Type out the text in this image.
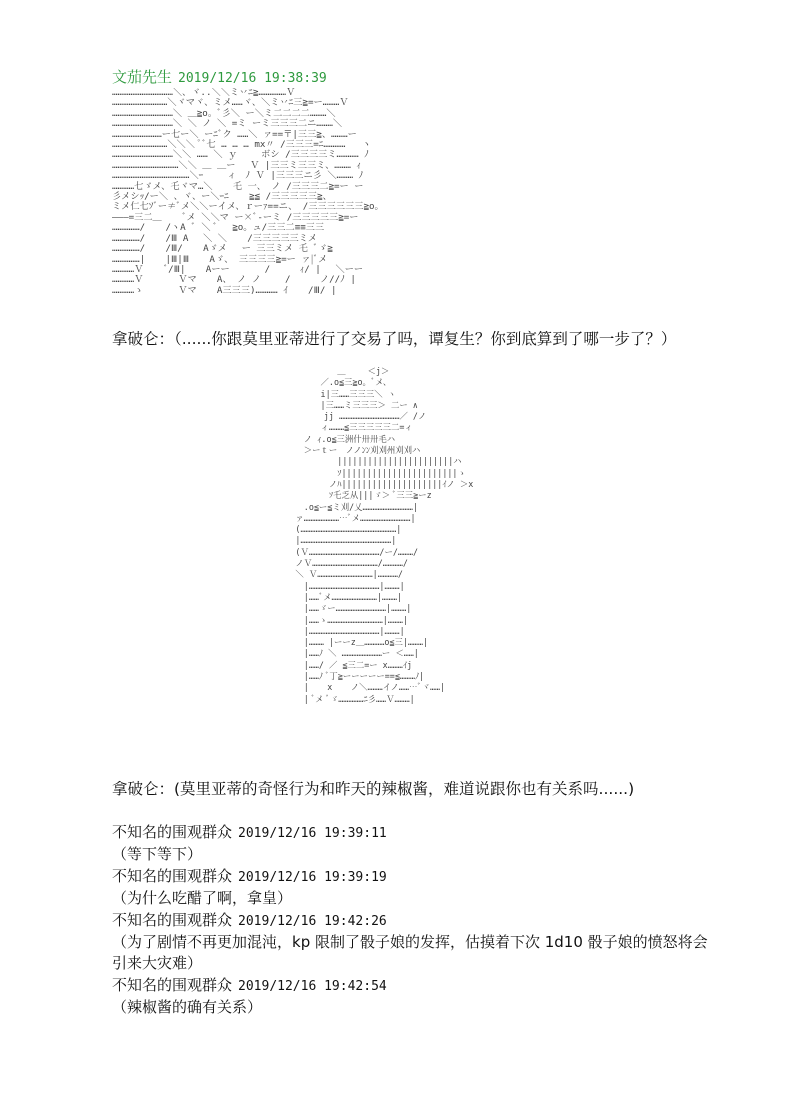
文茄先生 2019/12/16 19:38:39
……………………………＼、ヾ..＼＼ミ丷ﾆ≧……………Ｖ
…………………………＼ヾマヾ、ミメ……ヾ、＼ミ丷ﾆ三≧=ー………Ｖ
……………………………＼ ＿≧o。ﾞ彡＼ ー＼ミ二二二二………＼
……………………………＼ ＼ ノ ＼ =ミ ーミ三三三二ニ………＼
………………………ー七ー＼ ーﾆﾞク ……＼ ァ==〒|三三≧、………ー
…………………………＼＼＼ ﾟﾞ七 … … … mx〃 /三三三=ﾆ…………   ヽ
……………………………＼＼ …… ＼ ｙ　　 ボシ /三三三三ミ………… ﾉ
………………………………＼＼ ＿ ＿ー　 Ｖ |三三ミ三三ミ、……… ｨ
……………………………………＼ｰ　　 ィ　ﾉ Ｖ |三三三ニ彡 ＼……… ﾉ
…………七ゞメ、乇ヾマ…＼ 　 乇 一、 ノ /三三三二≧=ー ー
彡メシｯ/ー＼ 、ヾ、ー＼ｰﾆ 　 ≧≦ /三三三三三≧、
ミメ仁七ｿﾞー≠ﾞメ＼＼ーイメ、ｒーｧ==ニ、 /三三三三三三≧o。
―――=三二＿ 　 ﾞメ ＼＼マ ー×ﾞ‐ーミ /三三三三三≧=ー
……………/ 　 /ヽA ﾞ ＼ ﾞ　 ≧o。ュ/三三二≡≡三三
……………/ 　 /Ⅲ A 　＼ ＼ 　 /三三三三三ミメ
……………/ 　 /Ⅲ/ 　 Aゞメ 　ー 三三ミメ 乇 ﾞゞ≧
……………| 　 |Ⅲ|Ⅲ 　 Aゞ、 三三三三≧=ー ァ|ﾞメ
…………Ｖ 　 ﾞ/Ⅲ| 　 Aーー 　 　 /　 　 ｨ/ | 　＼ーー
…………Ｖ 　 　 Ｖマ 　 A、 ノ ノ　　 /　 　 ノ//ﾉ |
…………ゝ 　 　 Ｖマ 　 A三三三)………… ｲ 　 /Ⅲ/ |
拿破仑：（......你跟莫里亚蒂进行了交易了吗，谭复生？你到底算到了哪一步了？）
　　　　　　 ＿　　 ＜j＞
　　　　 ／.o≦三≧o。ﾞメ、
　　　　 i|三……三三三＼ ヽ
　　　　 |三……ミ三三三＞ 二ー ∧
　　　　　jj ………………………………／ /ノ
　　　　 ィ………≦三三三三三二=ィ
　　 ノ ｨ.o≦三洲什卅卅毛ハ
　　 ＞ーｔー　ノノﾝﾝ刈刈州刈刈ハ
　　　　　　 |||||||||||||||||||||||ハ
　　　　　　 ｿ|||||||||||||||||||||||ゝ
　　　　　 ノﾊ||||||||||||||||||||ｲノ ＞x
　　　　　 ｿ乇乏从|||ゞ＞ ﾞ三三≧ーz
　　 .o≦ー≦ミ刈/乂…………………………|
　 ァ……………………ﾞメ…………………………|
　 (…………………………………………………|
　 |………………………………………………|
　 (Ｖ……………………………………/ー/………/
　 ノＶ…………………………………/…………/
　 ＼ Ｖ……………………………|…………/
　　 |……………………………………|………|
　　 |……ﾞメ………………………|………|
　　 |……ゞー…………………………|………|
　　 |……ゝ……………………………|………|
　　 |……………………………………|………|
　　 |……… |ーーz＿…………o≦三|………|
　　 |……ﾉ ＼ ……………………ー ＜……|
　　 |……/ ／ ≦三二=ー x………ｲj
　　 |……ﾉ ﾞ丁≧ーーーーー==≦………ﾉ|
　　 | 　 x 　 ノ＼………イノ………ﾞヾ……|
　　 | ﾞメ ﾞゞ……………ﾆ彡……Ｖ………|
拿破仑：(莫里亚蒂的奇怪行为和昨天的辣椒酱，难道说跟你也有关系吗......)
不知名的围观群众 2019/12/16 19:39:11
（等下等下）
不知名的围观群众 2019/12/16 19:39:19
（为什么吃醋了啊，拿皇）
不知名的围观群众 2019/12/16 19:42:26
（为了剧情不再更加混沌，kp 限制了骰子娘的发挥，估摸着下次 1d10 骰子娘的愤怒将会引来大灾难）
不知名的围观群众 2019/12/16 19:42:54
（辣椒酱的确有关系）
